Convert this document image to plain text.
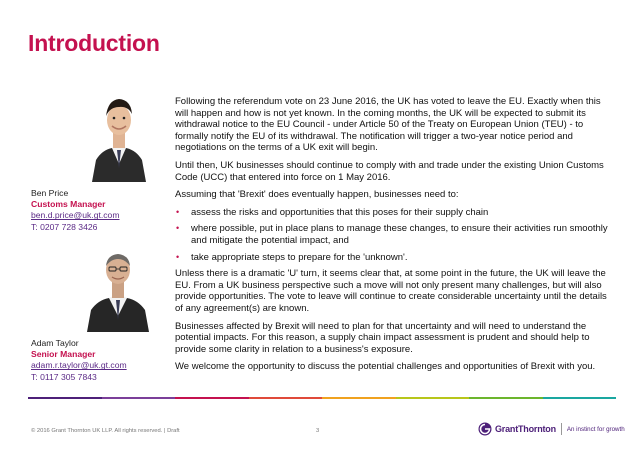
Introduction
Ben Price
Customs Manager
ben.d.price@uk.gt.com
T: 0207 728 3426
Adam Taylor
Senior Manager
adam.r.taylor@uk.gt.com
T: 0117 305 7843

Following the referendum vote on 23 June 2016, the UK has voted to leave the EU. Exactly when this will happen and how is not yet known. In the coming months, the UK will be expected to submit its withdrawal notice to the EU Council - under Article 50 of the Treaty on European Union (TEU) - to formally notify the EU of its withdrawal. The notification will trigger a two-year notice period and negotiations on the terms of a UK exit will begin.

Until then, UK businesses should continue to comply with and trade under the existing Union Customs Code (UCC) that entered into force on 1 May 2016.

Assuming that 'Brexit' does eventually happen, businesses need to:

• assess the risks and opportunities that this poses for their supply chain
• where possible, put in place plans to manage these changes, to ensure their activities run smoothly and mitigate the potential impact, and
• take appropriate steps to prepare for the 'unknown'.

Unless there is a dramatic 'U' turn, it seems clear that, at some point in the future, the UK will leave the EU. From a UK business perspective such a move will not only present many challenges, but will also provide opportunities. The vote to leave will continue to create considerable uncertainty until the details of any agreement(s) are known.

Businesses affected by Brexit will need to plan for that uncertainty and will need to understand the potential impacts. For this reason, a supply chain impact assessment is prudent and should help to provide some clarity in relation to a business's exposure.

We welcome the opportunity to discuss the potential challenges and opportunities of Brexit with you.

© 2016 Grant Thornton UK LLP. All rights reserved. | Draft	3	GrantThornton An instinct for growth
